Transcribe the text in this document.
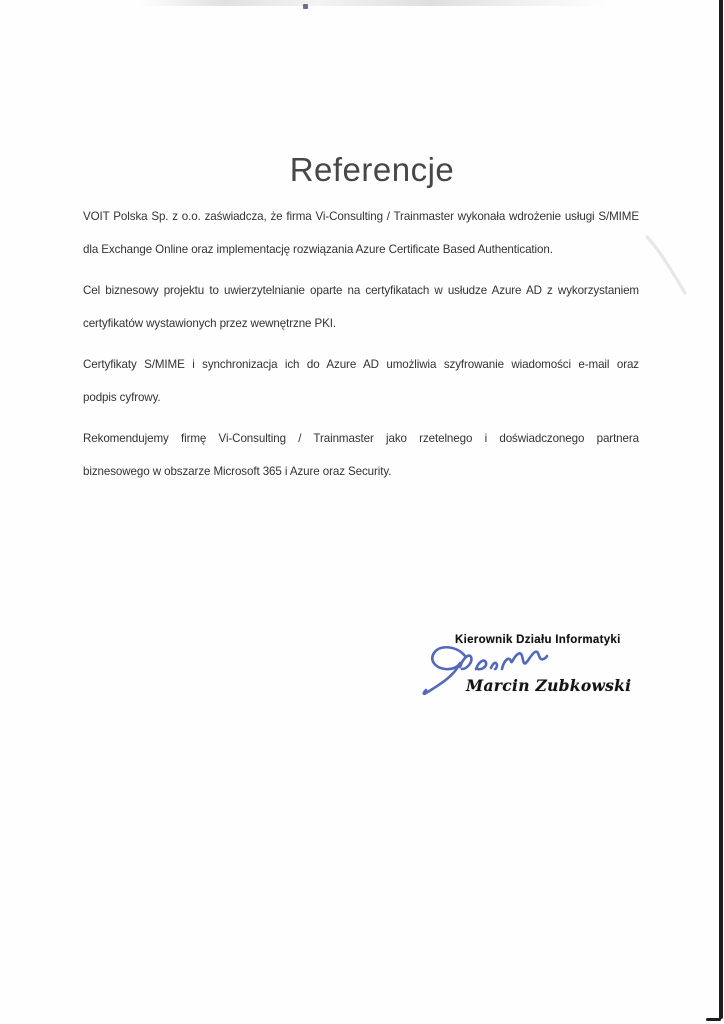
Referencje
VOIT Polska Sp. z o.o. zaświadcza, że firma Vi-Consulting / Trainmaster wykonała wdrożenie usługi S/MIME
dla Exchange Online oraz implementację rozwiązania Azure Certificate Based Authentication.
Cel biznesowy projektu to uwierzytelnianie oparte na certyfikatach w usłudze Azure AD z wykorzystaniem
certyfikatów wystawionych przez wewnętrzne PKI.
Certyfikaty S/MIME i synchronizacja ich do Azure AD umożliwia szyfrowanie wiadomości e-mail oraz
podpis cyfrowy.
Rekomendujemy firmę Vi-Consulting / Trainmaster jako rzetelnego i doświadczonego partnera
biznesowego w obszarze Microsoft 365 i Azure oraz Security.
Kierownik Działu Informatyki
Marcin Zubkowski
